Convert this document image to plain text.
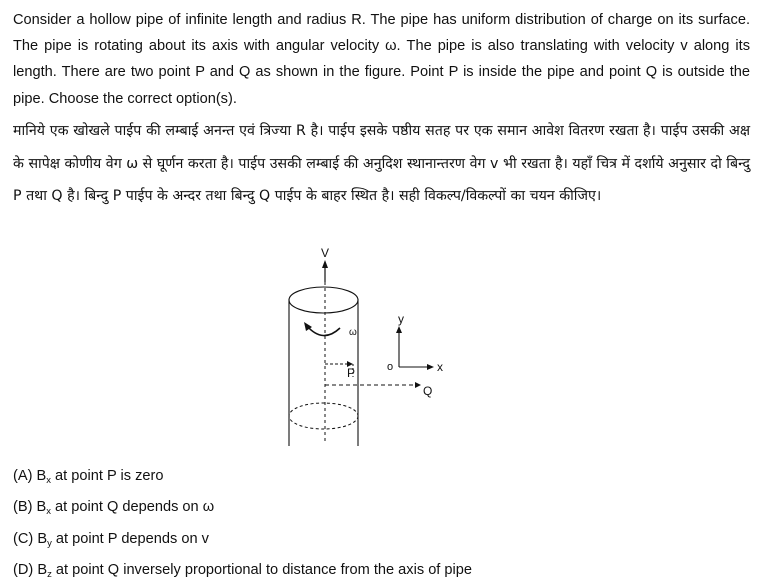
Consider a hollow pipe of infinite length and radius R. The pipe has uniform distribution of charge on its surface. The pipe is rotating about its axis with angular velocity ω. The pipe is also translating with velocity v along its length. There are two point P and Q as shown in the figure. Point P is inside the pipe and point Q is outside the pipe. Choose the correct option(s).

मानिये एक खोखले पाईप की लम्बाई अनन्त एवं त्रिज्या R है। पाईप इसके पष्ठीय सतह पर एक समान आवेश वितरण रखता है। पाईप उसकी अक्ष के सापेक्ष कोणीय वेग ω से घूर्णन करता है। पाईप उसकी लम्बाई की अनुदिश स्थानान्तरण वेग v भी रखता है। यहाँ चित्र में दर्शाये अनुसार दो बिन्दु P तथा Q है। बिन्दु P पाईप के अन्दर तथा बिन्दु Q पाईप के बाहर स्थित है। सही विकल्प/विकल्पों का चयन कीजिए।

V
ω
P
Q
y
x
o
(A) $B_x$ at point P is zero
(B) $B_x$ at point Q depends on ω
(C) $B_y$ at point P depends on v
(D) $B_z$ at point Q inversely proportional to distance from the axis of pipe
